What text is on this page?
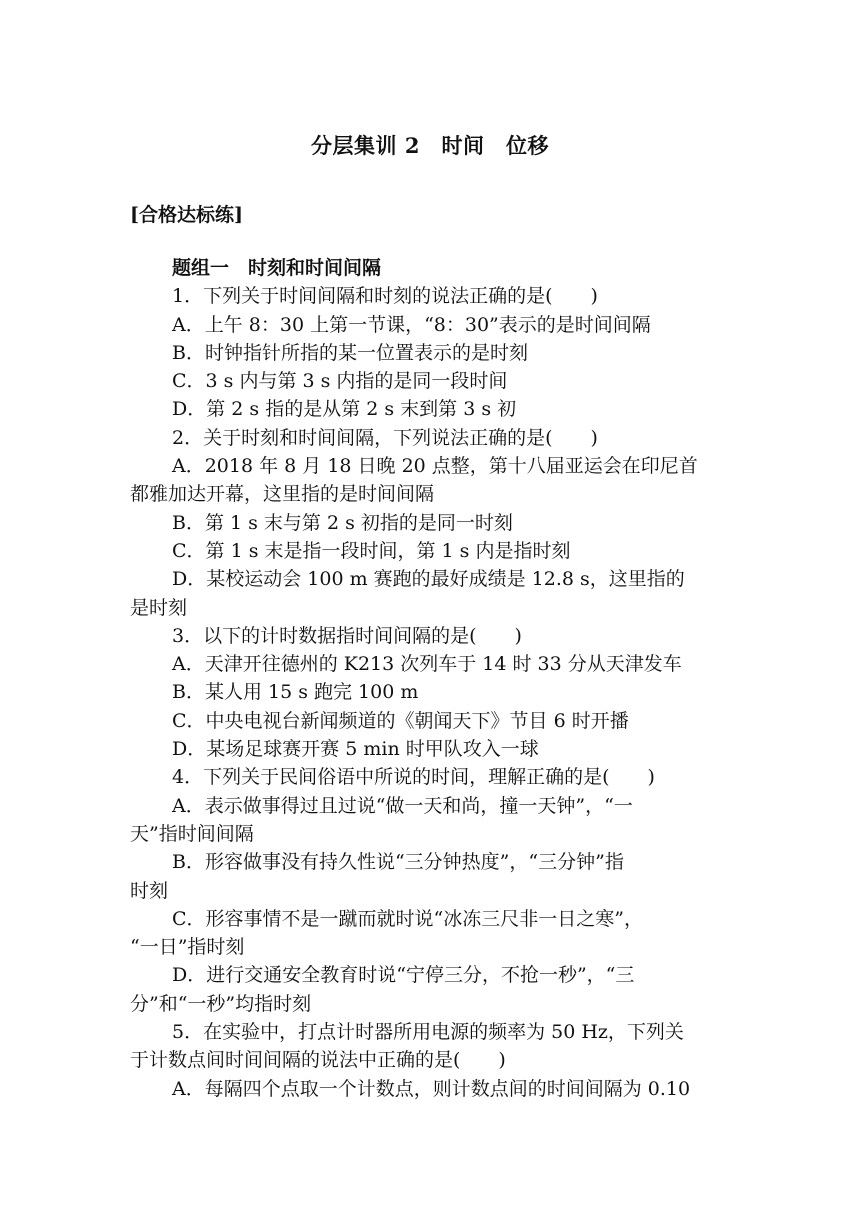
分层集训 2　时间　位移
[合格达标练]
题组一　时刻和时间间隔
1．下列关于时间间隔和时刻的说法正确的是(　　)
A．上午 8：30 上第一节课，“8：30”表示的是时间间隔
B．时钟指针所指的某一位置表示的是时刻
C．3 s 内与第 3 s 内指的是同一段时间
D．第 2 s 指的是从第 2 s 末到第 3 s 初
2．关于时刻和时间间隔，下列说法正确的是(　　)
A．2018 年 8 月 18 日晚 20 点整，第十八届亚运会在印尼首
都雅加达开幕，这里指的是时间间隔
B．第 1 s 末与第 2 s 初指的是同一时刻
C．第 1 s 末是指一段时间，第 1 s 内是指时刻
D．某校运动会 100 m 赛跑的最好成绩是 12.8 s，这里指的
是时刻
3．以下的计时数据指时间间隔的是(　　)
A．天津开往德州的 K213 次列车于 14 时 33 分从天津发车
B．某人用 15 s 跑完 100 m
C．中央电视台新闻频道的《朝闻天下》节目 6 时开播
D．某场足球赛开赛 5 min 时甲队攻入一球
4．下列关于民间俗语中所说的时间，理解正确的是(　　)
A．表示做事得过且过说“做一天和尚，撞一天钟”，“一
天”指时间间隔
B．形容做事没有持久性说“三分钟热度”，“三分钟”指
时刻
C．形容事情不是一蹴而就时说“冰冻三尺非一日之寒”，
“一日”指时刻
D．进行交通安全教育时说“宁停三分，不抢一秒”，“三
分”和“一秒”均指时刻
5．在实验中，打点计时器所用电源的频率为 50 Hz，下列关
于计数点间时间间隔的说法中正确的是(　　)
A．每隔四个点取一个计数点，则计数点间的时间间隔为 0.10
